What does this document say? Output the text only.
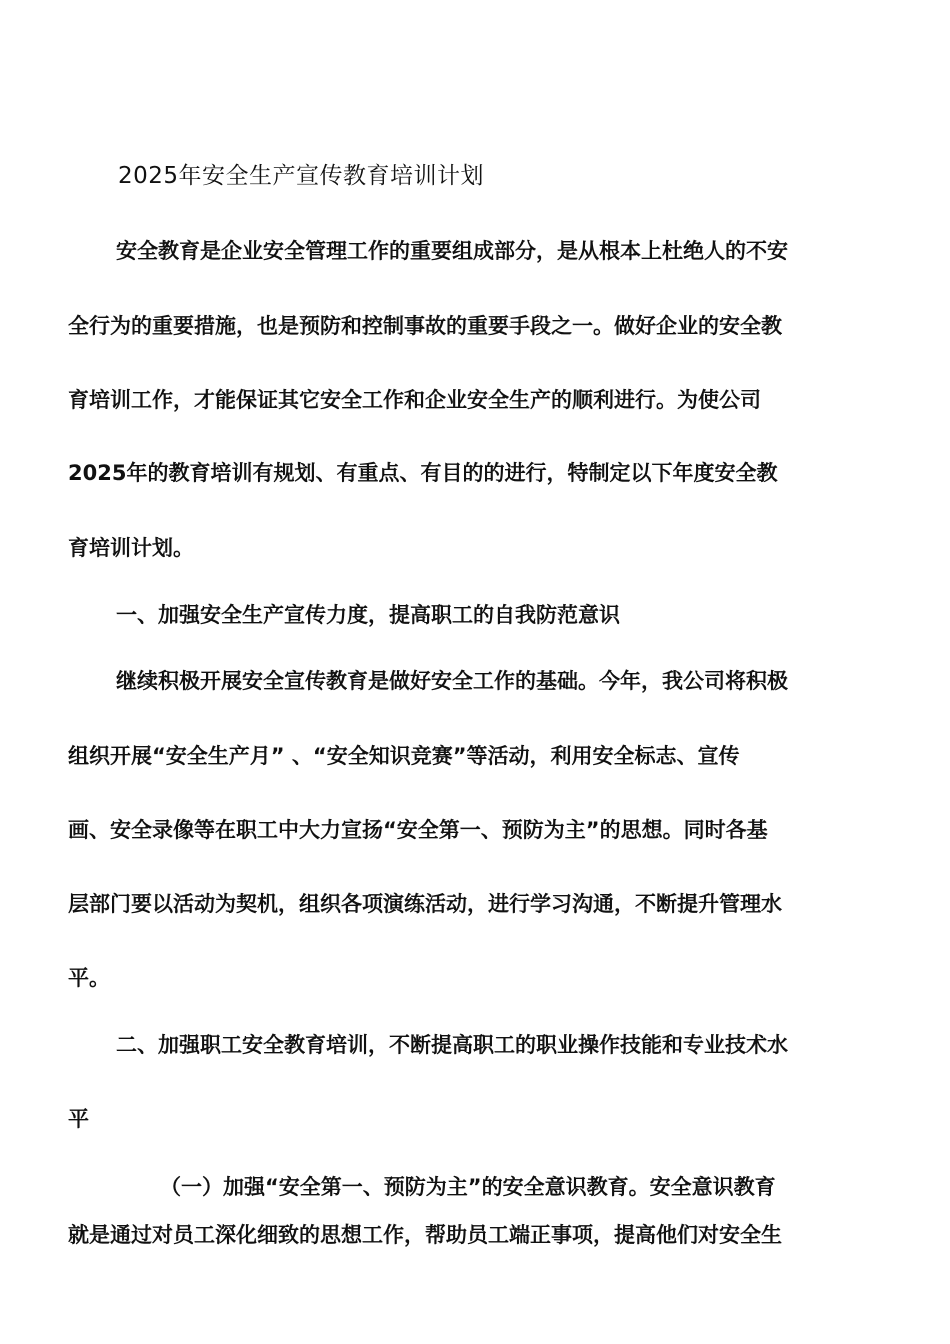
2025年安全生产宣传教育培训计划
安全教育是企业安全管理工作的重要组成部分，是从根本上杜绝人的不安
全行为的重要措施，也是预防和控制事故的重要手段之一。做好企业的安全教
育培训工作，才能保证其它安全工作和企业安全生产的顺利进行。为使公司
2025年的教育培训有规划、有重点、有目的的进行，特制定以下年度安全教
育培训计划。
一、加强安全生产宣传力度，提高职工的自我防范意识
继续积极开展安全宣传教育是做好安全工作的基础。今年，我公司将积极
组织开展“安全生产月” 、“安全知识竞赛”等活动，利用安全标志、宣传
画、安全录像等在职工中大力宣扬“安全第一、预防为主”的思想。同时各基
层部门要以活动为契机，组织各项演练活动，进行学习沟通，不断提升管理水
平。
二、加强职工安全教育培训，不断提高职工的职业操作技能和专业技术水
平
（一）加强“安全第一、预防为主”的安全意识教育。安全意识教育
就是通过对员工深化细致的思想工作，帮助员工端正事项，提高他们对安全生
